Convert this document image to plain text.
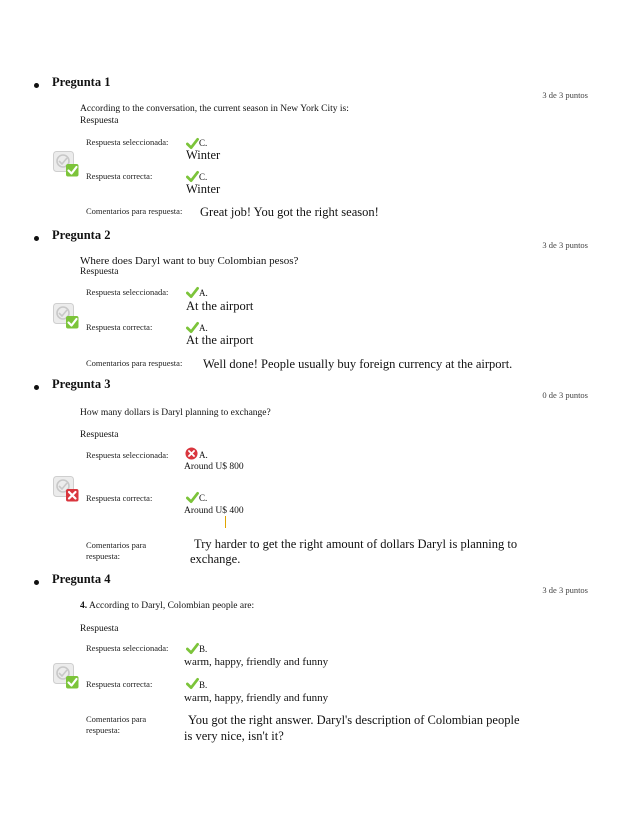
Pregunta 1
3 de 3 puntos
According to the conversation, the current season in New York City is:
Respuesta
Respuesta seleccionada:	C.
Winter
Respuesta correcta:	C.
Winter
Comentarios para respuesta: Great job! You got the right season!
Pregunta 2
3 de 3 puntos
Where does Daryl want to buy Colombian pesos?
Respuesta
Respuesta seleccionada:	A.
At the airport
Respuesta correcta:	A.
At the airport
Comentarios para respuesta: Well done! People usually buy foreign currency at the airport.
Pregunta 3
0 de 3 puntos
How many dollars is Daryl planning to exchange?
Respuesta
Respuesta seleccionada:	A.
Around U$ 800
Respuesta correcta:	C.
Around U$ 400
Comentarios para
respuesta:
Try harder to get the right amount of dollars Daryl is planning to
exchange.
Pregunta 4
3 de 3 puntos
4. According to Daryl, Colombian people are:
Respuesta
Respuesta seleccionada:	B.
warm, happy, friendly and funny
Respuesta correcta:	B.
warm, happy, friendly and funny
Comentarios para
respuesta:
You got the right answer. Daryl's description of Colombian people
is very nice, isn't it?
